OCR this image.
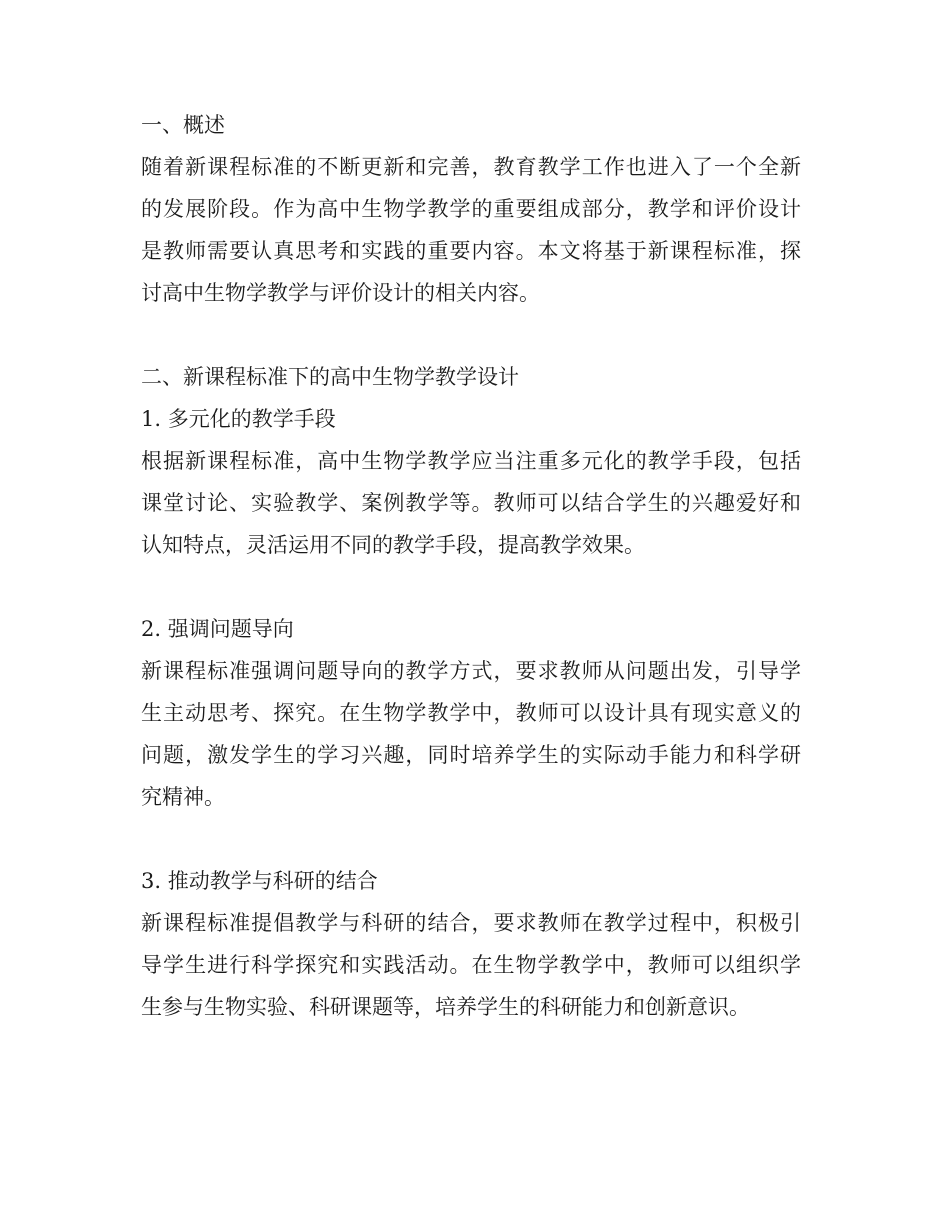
一、概述

随着新课程标准的不断更新和完善，教育教学工作也进入了一个全新

的发展阶段。作为高中生物学教学的重要组成部分，教学和评价设计

是教师需要认真思考和实践的重要内容。本文将基于新课程标准，探

讨高中生物学教学与评价设计的相关内容。

二、新课程标准下的高中生物学教学设计

1. 多元化的教学手段

根据新课程标准，高中生物学教学应当注重多元化的教学手段，包括

课堂讨论、实验教学、案例教学等。教师可以结合学生的兴趣爱好和

认知特点，灵活运用不同的教学手段，提高教学效果。

2. 强调问题导向

新课程标准强调问题导向的教学方式，要求教师从问题出发，引导学

生主动思考、探究。在生物学教学中，教师可以设计具有现实意义的

问题，激发学生的学习兴趣，同时培养学生的实际动手能力和科学研

究精神。

3. 推动教学与科研的结合

新课程标准提倡教学与科研的结合，要求教师在教学过程中，积极引

导学生进行科学探究和实践活动。在生物学教学中，教师可以组织学

生参与生物实验、科研课题等，培养学生的科研能力和创新意识。
